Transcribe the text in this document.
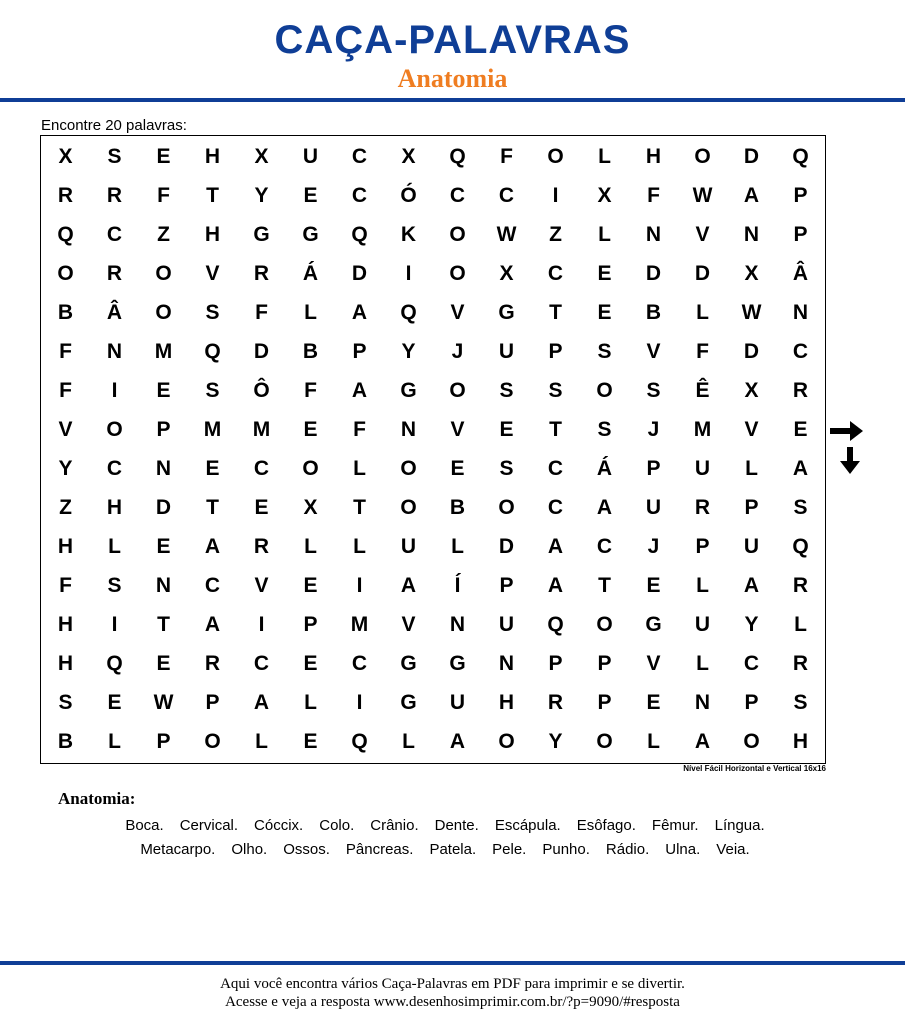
CAÇA-PALAVRAS
Anatomia
Encontre 20 palavras:
X	S	E	H	X	U	C	X	Q	F	O	L	H	O	D	Q
R	R	F	T	Y	E	C	Ó	C	C	I	X	F	W	A	P
Q	C	Z	H	G	G	Q	K	O	W	Z	L	N	V	N	P
O	R	O	V	R	Á	D	I	O	X	C	E	D	D	X	Â
B	Â	O	S	F	L	A	Q	V	G	T	E	B	L	W	N
F	N	M	Q	D	B	P	Y	J	U	P	S	V	F	D	C
F	I	E	S	Ô	F	A	G	O	S	S	O	S	Ê	X	R
V	O	P	M	M	E	F	N	V	E	T	S	J	M	V	E
Y	C	N	E	C	O	L	O	E	S	C	Á	P	U	L	A
Z	H	D	T	E	X	T	O	B	O	C	A	U	R	P	S
H	L	E	A	R	L	L	U	L	D	A	C	J	P	U	Q
F	S	N	C	V	E	I	A	Í	P	A	T	E	L	A	R
H	I	T	A	I	P	M	V	N	U	Q	O	G	U	Y	L
H	Q	E	R	C	E	C	G	G	N	P	P	V	L	C	R
S	E	W	P	A	L	I	G	U	H	R	P	E	N	P	S
B	L	P	O	L	E	Q	L	A	O	Y	O	L	A	O	H
Nível Fácil Horizontal e Vertical 16x16
Anatomia:
Boca. Cervical. Cóccix. Colo. Crânio. Dente. Escápula. Esôfago. Fêmur. Língua.
Metacarpo. Olho. Ossos. Pâncreas. Patela. Pele. Punho. Rádio. Ulna. Veia.
Aqui você encontra vários Caça-Palavras em PDF para imprimir e se divertir.
Acesse e veja a resposta www.desenhosimprimir.com.br/?p=9090/#resposta
